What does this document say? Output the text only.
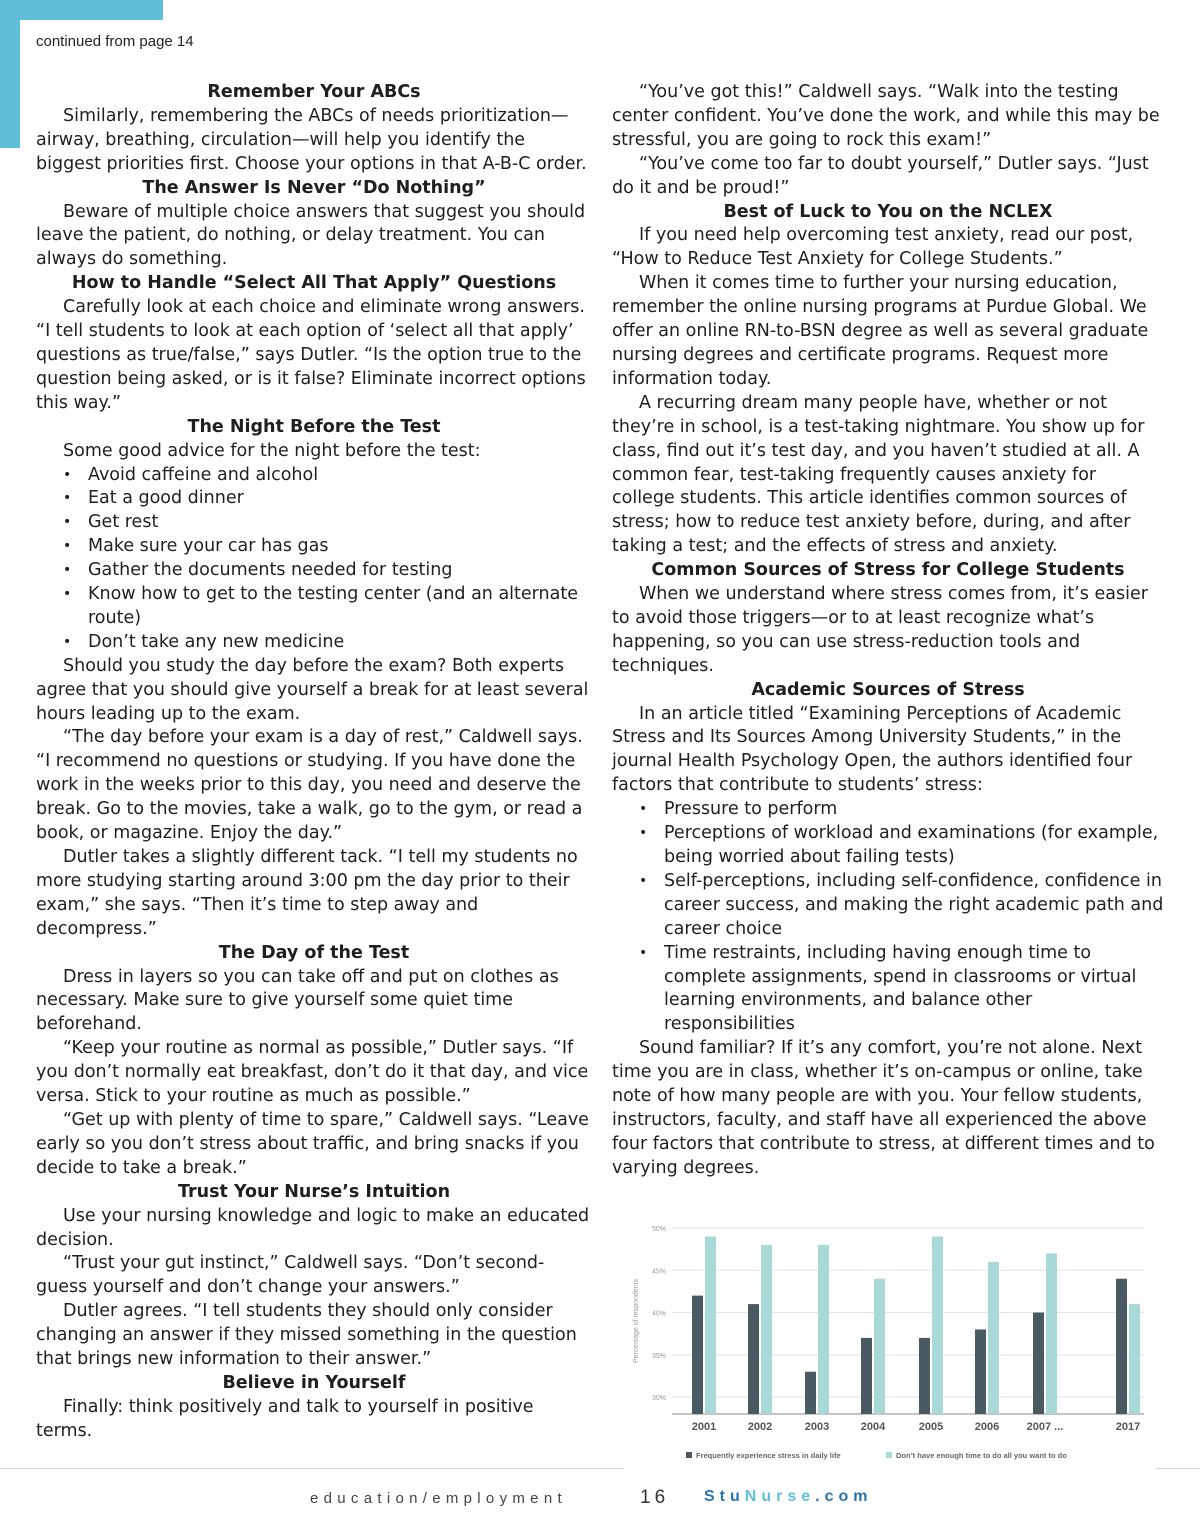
continued from page 14
Remember Your ABCs

Similarly, remembering the ABCs of needs prioritization—airway, breathing, circulation—will help you identify the biggest priorities first. Choose your options in that A-B-C order.

The Answer Is Never “Do Nothing”

Beware of multiple choice answers that suggest you should leave the patient, do nothing, or delay treatment. You can always do something.

How to Handle “Select All That Apply” Questions

Carefully look at each choice and eliminate wrong answers. “I tell students to look at each option of ‘select all that apply’ questions as true/false,” says Dutler. “Is the option true to the question being asked, or is it false? Eliminate incorrect options this way.”

The Night Before the Test

Some good advice for the night before the test:

• Avoid caffeine and alcohol
• Eat a good dinner
• Get rest
• Make sure your car has gas
• Gather the documents needed for testing
• Know how to get to the testing center (and an alternate route)
• Don’t take any new medicine

Should you study the day before the exam? Both experts agree that you should give yourself a break for at least several hours leading up to the exam.

“The day before your exam is a day of rest,” Caldwell says. “I recommend no questions or studying. If you have done the work in the weeks prior to this day, you need and deserve the break. Go to the movies, take a walk, go to the gym, or read a book, or magazine. Enjoy the day.”

Dutler takes a slightly different tack. “I tell my students no more studying starting around 3:00 pm the day prior to their exam,” she says. “Then it’s time to step away and decompress.”

The Day of the Test

Dress in layers so you can take off and put on clothes as necessary. Make sure to give yourself some quiet time beforehand.

“Keep your routine as normal as possible,” Dutler says. “If you don’t normally eat breakfast, don’t do it that day, and vice versa. Stick to your routine as much as possible.”

“Get up with plenty of time to spare,” Caldwell says. “Leave early so you don’t stress about traffic, and bring snacks if you decide to take a break.”

Trust Your Nurse’s Intuition

Use your nursing knowledge and logic to make an educated decision.

“Trust your gut instinct,” Caldwell says. “Don’t second-guess yourself and don’t change your answers.”

Dutler agrees. “I tell students they should only consider changing an answer if they missed something in the question that brings new information to their answer.”

Believe in Yourself

Finally: think positively and talk to yourself in positive terms.

“You’ve got this!” Caldwell says. “Walk into the testing center confident. You’ve done the work, and while this may be stressful, you are going to rock this exam!”

“You’ve come too far to doubt yourself,” Dutler says. “Just do it and be proud!”

Best of Luck to You on the NCLEX

If you need help overcoming test anxiety, read our post, “How to Reduce Test Anxiety for College Students.”

When it comes time to further your nursing education, remember the online nursing programs at Purdue Global. We offer an online RN-to-BSN degree as well as several graduate nursing degrees and certificate programs. Request more information today.

A recurring dream many people have, whether or not they’re in school, is a test-taking nightmare. You show up for class, find out it’s test day, and you haven’t studied at all. A common fear, test-taking frequently causes anxiety for college students. This article identifies common sources of stress; how to reduce test anxiety before, during, and after taking a test; and the effects of stress and anxiety.

Common Sources of Stress for College Students

When we understand where stress comes from, it’s easier to avoid those triggers—or to at least recognize what’s happening, so you can use stress-reduction tools and techniques.

Academic Sources of Stress

In an article titled “Examining Perceptions of Academic Stress and Its Sources Among University Students,” in the journal Health Psychology Open, the authors identified four factors that contribute to students’ stress:

• Pressure to perform
• Perceptions of workload and examinations (for example, being worried about failing tests)
• Self-perceptions, including self-confidence, confidence in career success, and making the right academic path and career choice
• Time restraints, including having enough time to complete assignments, spend in classrooms or virtual learning environments, and balance other responsibilities

Sound familiar? If it’s any comfort, you’re not alone. Next time you are in class, whether it’s on-campus or online, take note of how many people are with you. Your fellow students, instructors, faculty, and staff have all experienced the above four factors that contribute to stress, at different times and to varying degrees.

30%
35%
40%
45%
50%
Percentage of respondents
2001	2002	2003	2004	2005	2006 2007 ...	2017
Frequently experience stress in daily life	Don’t have enough time to do all you want to do
education/employment	16 StuNurse.com
